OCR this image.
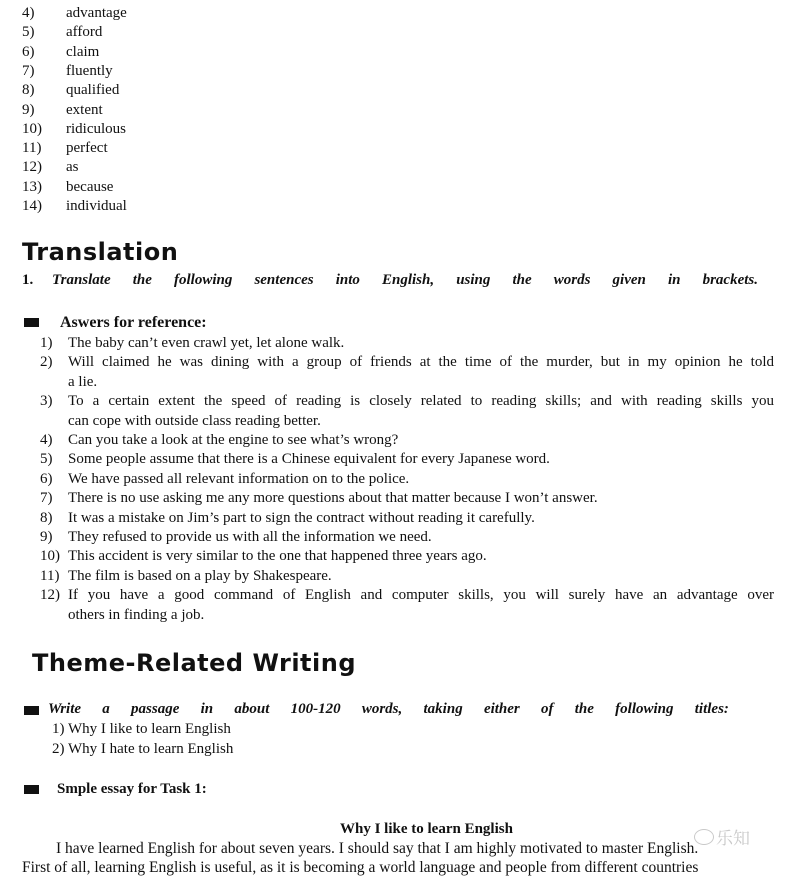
4) advantage
5) afford
6) claim
7) fluently
8) qualified
9) extent
10) ridiculous
11) perfect
12) as
13) because
14) individual
Translation
1. Translate the following sentences into English, using the words given in brackets.
Aswers for reference:
1) The baby can’t even crawl yet, let alone walk.
2) Will claimed he was dining with a group of friends at the time of the murder, but in my opinion he told
a lie.
3) To a certain extent the speed of reading is closely related to reading skills; and with reading skills you
can cope with outside class reading better.
4) Can you take a look at the engine to see what’s wrong?
5) Some people assume that there is a Chinese equivalent for every Japanese word.
6) We have passed all relevant information on to the police.
7) There is no use asking me any more questions about that matter because I won’t answer.
8) It was a mistake on Jim’s part to sign the contract without reading it carefully.
9) They refused to provide us with all the information we need.
10) This accident is very similar to the one that happened three years ago.
11) The film is based on a play by Shakespeare.
12) If you have a good command of English and computer skills, you will surely have an advantage over
others in finding a job.
Theme-Related Writing
Write a passage in about 100-120 words, taking either of the following titles:
1) Why I like to learn English
2) Why I hate to learn English
Smple essay for Task 1:
Why I like to learn English
I have learned English for about seven years. I should say that I am highly motivated to master English.
First of all, learning English is useful, as it is becoming a world language and people from different countries
乐知
